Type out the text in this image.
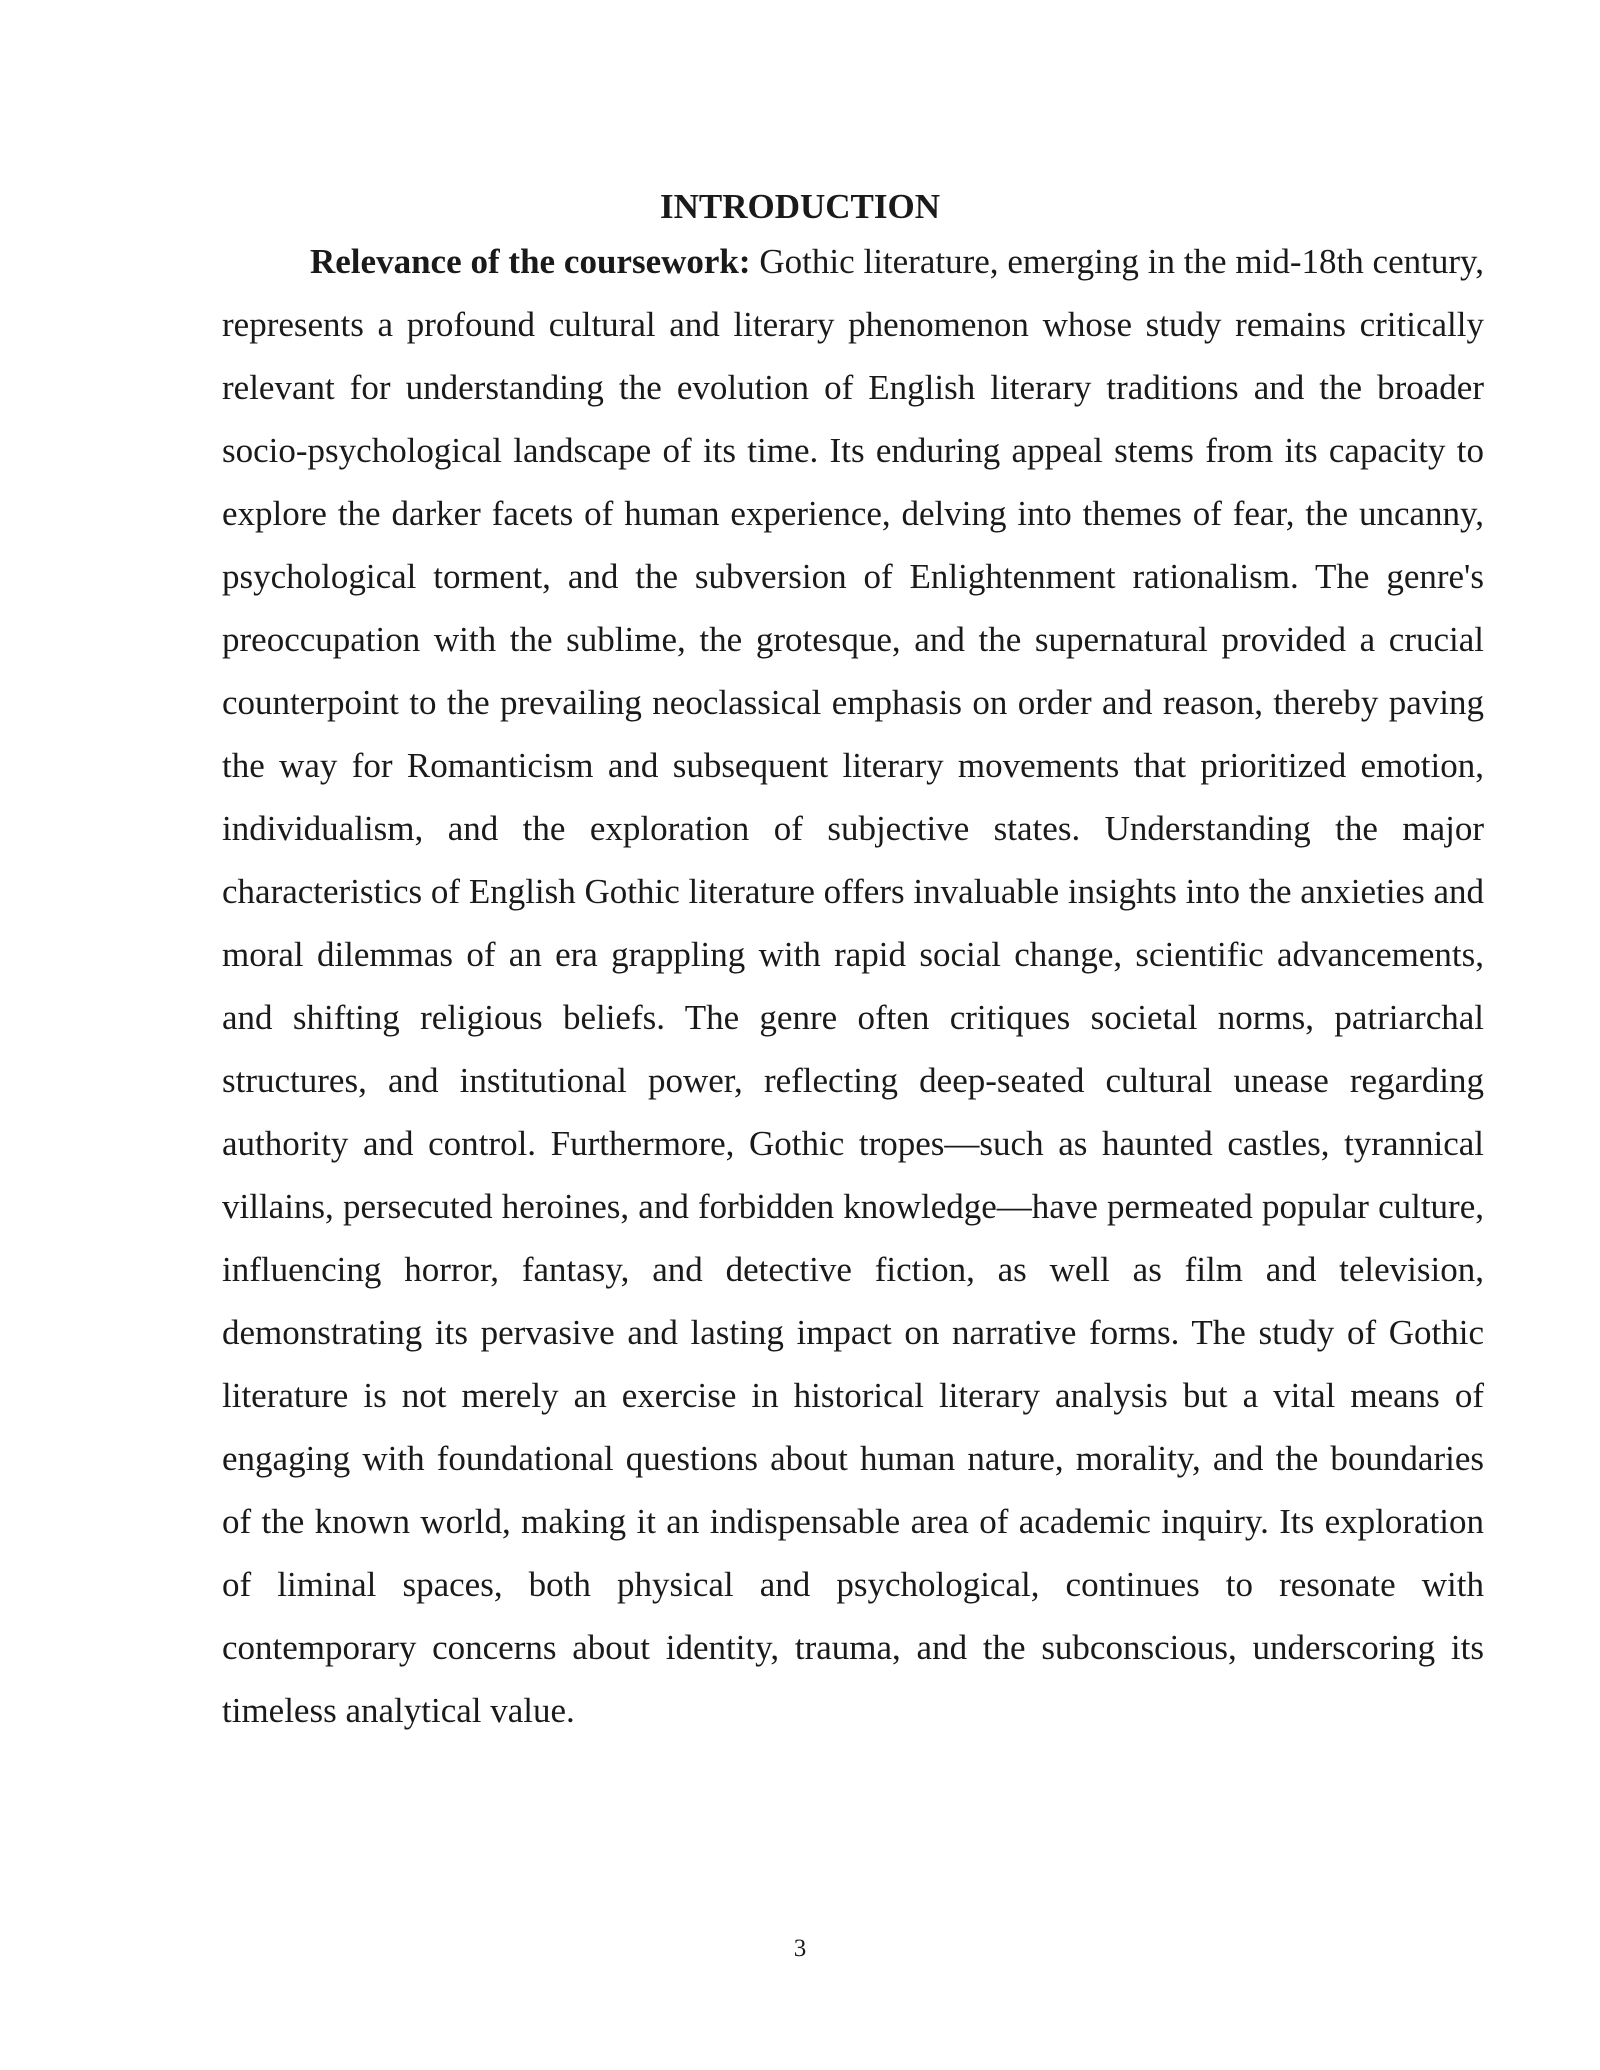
INTRODUCTION

Relevance of the coursework: Gothic literature, emerging in the mid-18th century, represents a profound cultural and literary phenomenon whose study remains critically relevant for understanding the evolution of English literary traditions and the broader socio-psychological landscape of its time. Its enduring appeal stems from its capacity to explore the darker facets of human experience, delving into themes of fear, the uncanny, psychological torment, and the subversion of Enlightenment rationalism. The genre's preoccupation with the sublime, the grotesque, and the supernatural provided a crucial counterpoint to the prevailing neoclassical emphasis on order and reason, thereby paving the way for Romanticism and subsequent literary movements that prioritized emotion, individualism, and the exploration of subjective states. Understanding the major characteristics of English Gothic literature offers invaluable insights into the anxieties and moral dilemmas of an era grappling with rapid social change, scientific advancements, and shifting religious beliefs. The genre often critiques societal norms, patriarchal structures, and institutional power, reflecting deep-seated cultural unease regarding authority and control. Furthermore, Gothic tropes—such as haunted castles, tyrannical villains, persecuted heroines, and forbidden knowledge—have permeated popular culture, influencing horror, fantasy, and detective fiction, as well as film and television, demonstrating its pervasive and lasting impact on narrative forms. The study of Gothic literature is not merely an exercise in historical literary analysis but a vital means of engaging with foundational questions about human nature, morality, and the boundaries of the known world, making it an indispensable area of academic inquiry. Its exploration of liminal spaces, both physical and psychological, continues to resonate with contemporary concerns about identity, trauma, and the subconscious, underscoring its timeless analytical value.

3
